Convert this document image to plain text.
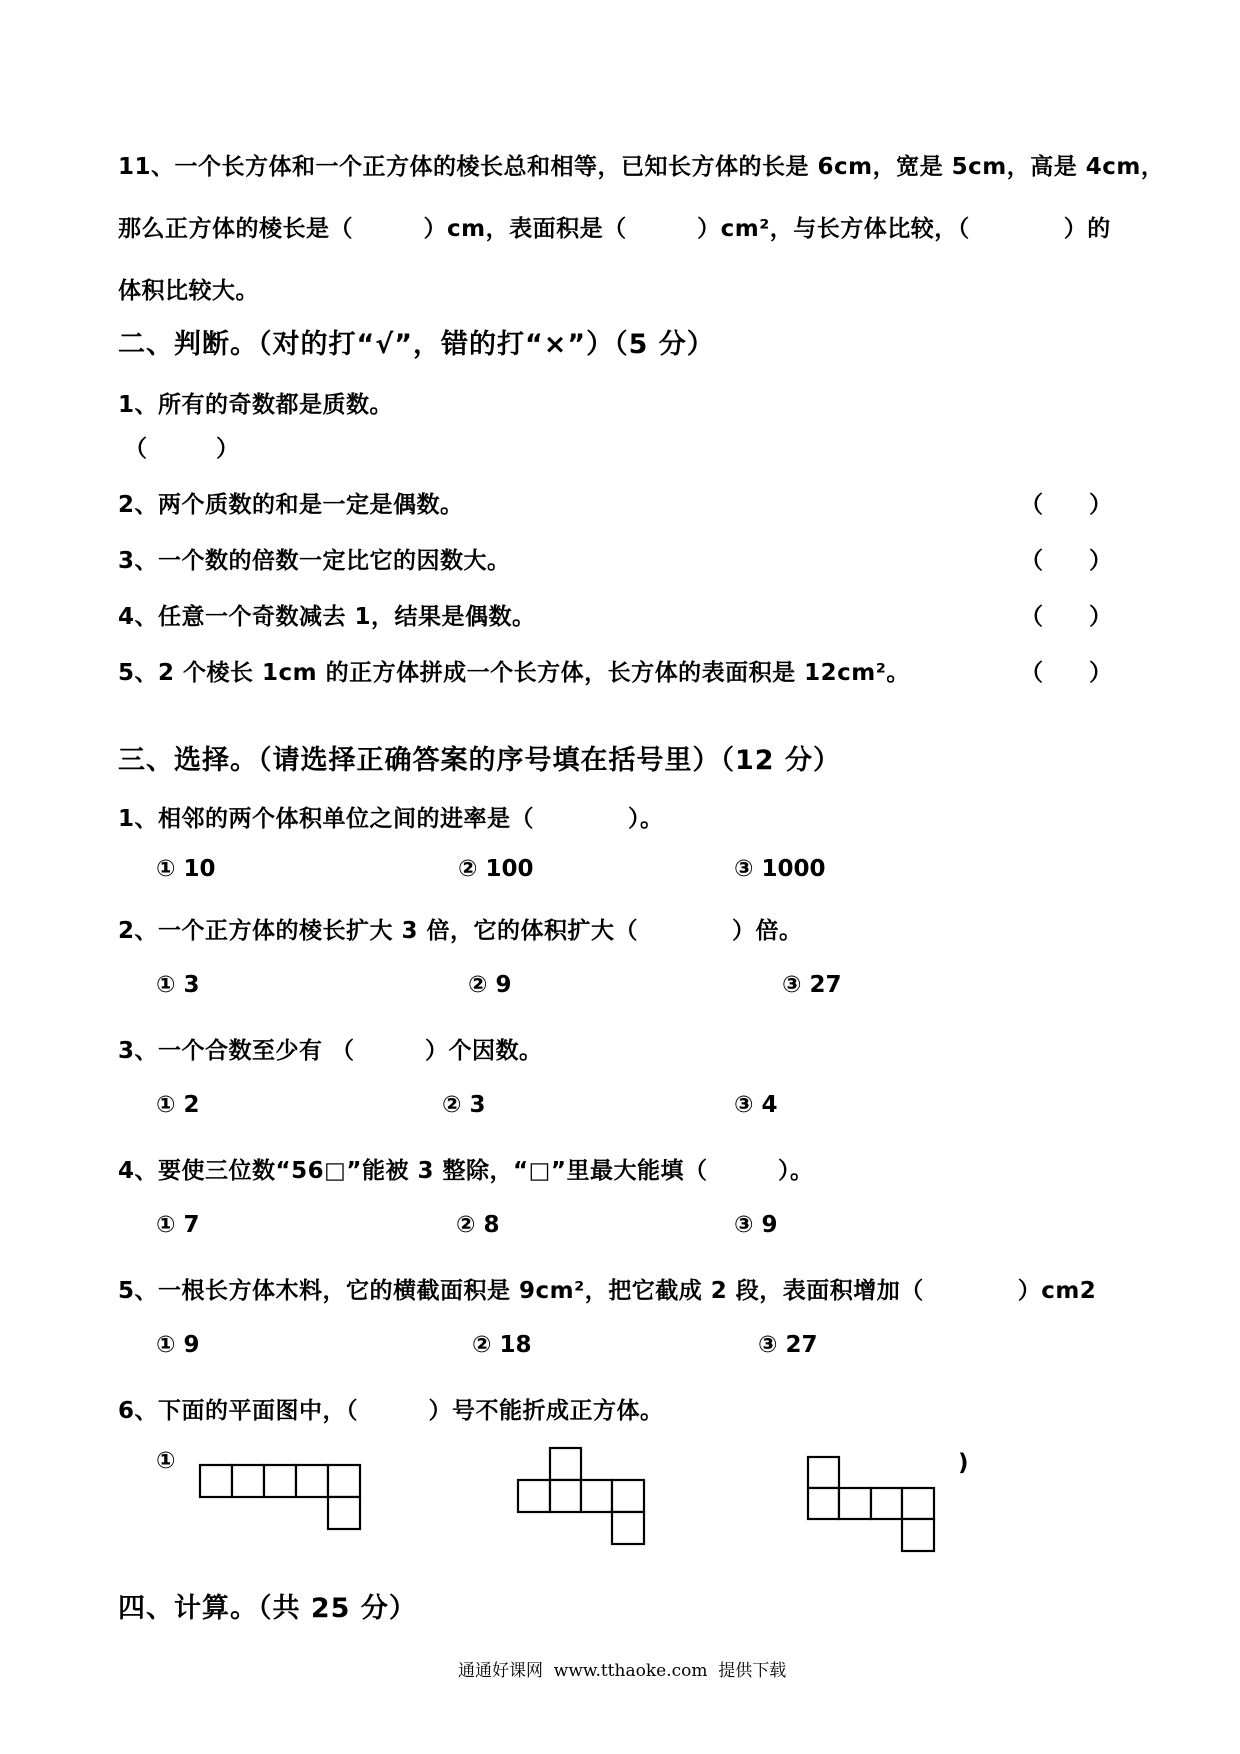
11、一个长方体和一个正方体的棱长总和相等，已知长方体的长是 6cm，宽是 5cm，高是 4cm，
那么正方体的棱长是（　　　）cm，表面积是（　　　）cm²，与长方体比较，（　　　　）的
体积比较大。
二、判断。（对的打“√”，错的打“×”）（5 分）
1、所有的奇数都是质数。
（　　　）
2、两个质数的和是一定是偶数。	（　　）
3、一个数的倍数一定比它的因数大。	（　　）
4、任意一个奇数减去 1，结果是偶数。	（　　）
5、2 个棱长 1cm 的正方体拼成一个长方体，长方体的表面积是 12cm²。	（　　）
三、选择。（请选择正确答案的序号填在括号里）（12 分）
1、相邻的两个体积单位之间的进率是（　　　　）。
① 10	② 100	③ 1000
2、一个正方体的棱长扩大 3 倍，它的体积扩大（　　　　）倍。
① 3	② 9	③ 27
3、一个合数至少有 （　　　）个因数。
① 2	② 3	③ 4
4、要使三位数“56□”能被 3 整除，“□”里最大能填（　　　）。
① 7	② 8	③ 9
5、一根长方体木料，它的横截面积是 9cm²，把它截成 2 段，表面积增加（　　　　）cm2
① 9	② 18	③ 27
6、下面的平面图中，（　　　）号不能折成正方体。
①	)
四、计算。（共 25 分）
通通好课网  www.tthaoke.com  提供下载
